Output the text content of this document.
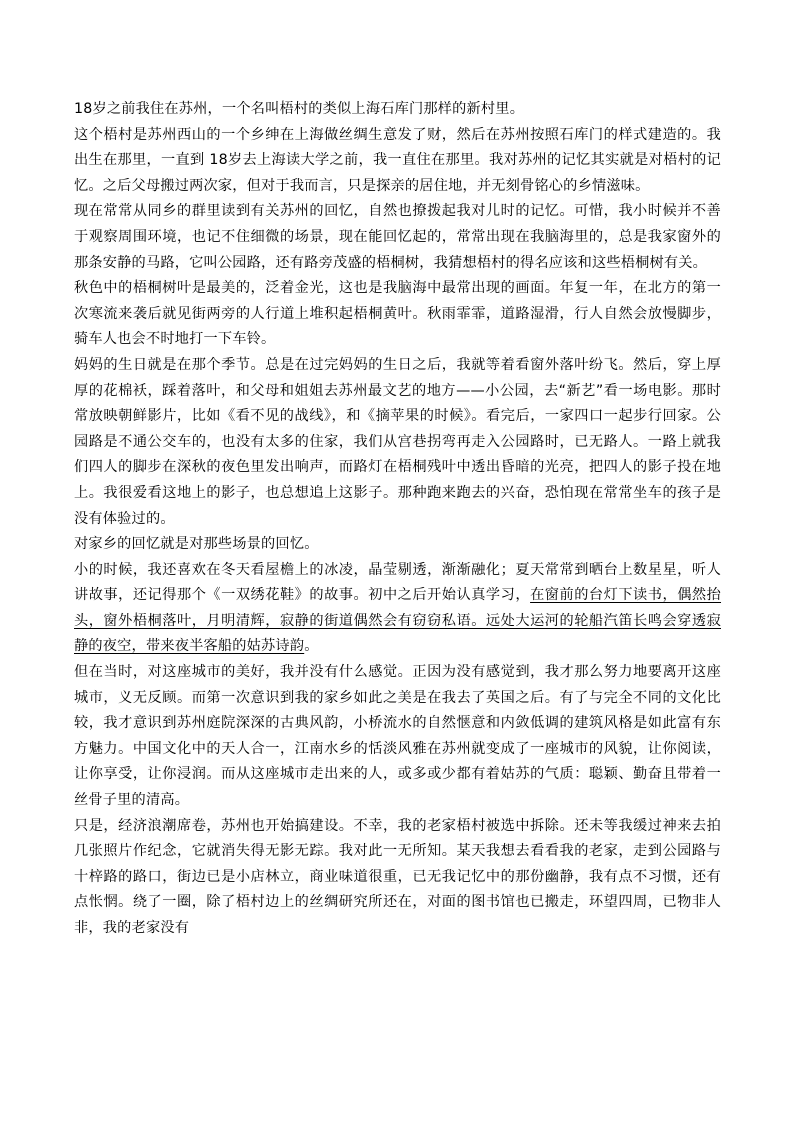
18岁之前我住在苏州，一个名叫梧村的类似上海石库门那样的新村里。

这个梧村是苏州西山的一个乡绅在上海做丝绸生意发了财，然后在苏州按照石库门的样式建造的。我出生在那里，一直到 18岁去上海读大学之前，我一直住在那里。我对苏州的记忆其实就是对梧村的记忆。之后父母搬过两次家，但对于我而言，只是探亲的居住地，并无刻骨铭心的乡情滋味。

现在常常从同乡的群里读到有关苏州的回忆，自然也撩拨起我对儿时的记忆。可惜，我小时候并不善于观察周围环境，也记不住细微的场景，现在能回忆起的，常常出现在我脑海里的，总是我家窗外的那条安静的马路，它叫公园路，还有路旁茂盛的梧桐树，我猜想梧村的得名应该和这些梧桐树有关。

秋色中的梧桐树叶是最美的，泛着金光，这也是我脑海中最常出现的画面。年复一年，在北方的第一次寒流来袭后就见街两旁的人行道上堆积起梧桐黄叶。秋雨霏霏，道路湿滑，行人自然会放慢脚步，骑车人也会不时地打一下车铃。

妈妈的生日就是在那个季节。总是在过完妈妈的生日之后，我就等着看窗外落叶纷飞。然后，穿上厚厚的花棉袄，踩着落叶，和父母和姐姐去苏州最文艺的地方——小公园，去“新艺”看一场电影。那时常放映朝鲜影片，比如《看不见的战线》，和《摘苹果的时候》。看完后，一家四口一起步行回家。公园路是不通公交车的，也没有太多的住家，我们从宫巷拐弯再走入公园路时，已无路人。一路上就我们四人的脚步在深秋的夜色里发出响声，而路灯在梧桐残叶中透出昏暗的光亮，把四人的影子投在地上。我很爱看这地上的影子，也总想追上这影子。那种跑来跑去的兴奋，恐怕现在常常坐车的孩子是没有体验过的。

对家乡的回忆就是对那些场景的回忆。

小的时候，我还喜欢在冬天看屋檐上的冰凌，晶莹剔透，渐渐融化；夏天常常到晒台上数星星，听人讲故事，还记得那个《一双绣花鞋》的故事。初中之后开始认真学习，在窗前的台灯下读书，偶然抬头，窗外梧桐落叶，月明清辉，寂静的街道偶然会有窃窃私语。远处大运河的轮船汽笛长鸣会穿透寂静的夜空，带来夜半客船的姑苏诗韵。

但在当时，对这座城市的美好，我并没有什么感觉。正因为没有感觉到，我才那么努力地要离开这座城市，义无反顾。而第一次意识到我的家乡如此之美是在我去了英国之后。有了与完全不同的文化比较，我才意识到苏州庭院深深的古典风韵，小桥流水的自然惬意和内敛低调的建筑风格是如此富有东方魅力。中国文化中的天人合一，江南水乡的恬淡风雅在苏州就变成了一座城市的风貌，让你阅读，让你享受，让你浸润。而从这座城市走出来的人，或多或少都有着姑苏的气质：聪颖、勤奋且带着一丝骨子里的清高。

只是，经济浪潮席卷，苏州也开始搞建设。不幸，我的老家梧村被选中拆除。还未等我缓过神来去拍几张照片作纪念，它就消失得无影无踪。我对此一无所知。某天我想去看看我的老家，走到公园路与十梓路的路口，街边已是小店林立，商业味道很重，已无我记忆中的那份幽静，我有点不习惯，还有点怅惘。绕了一圈，除了梧村边上的丝绸研究所还在，对面的图书馆也已搬走，环望四周，已物非人非，我的老家没有
